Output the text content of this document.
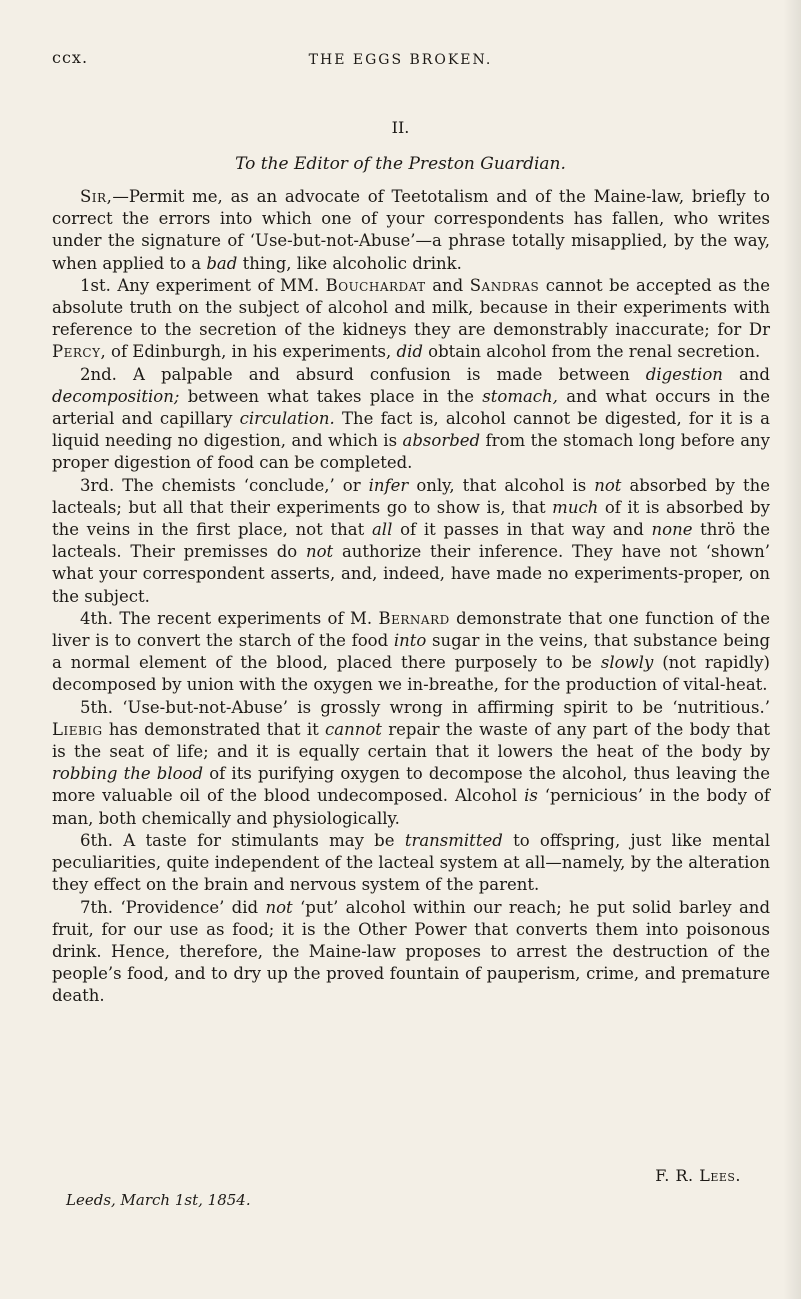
ccx.	THE EGGS BROKEN.
II.
To the Editor of the Preston Guardian.

Sir,—Permit me, as an advocate of Teetotalism and of the Maine-law, briefly to correct the errors into which one of your correspondents has fallen, who writes under the signature of ‘Use-but-not-Abuse’—a phrase totally misapplied, by the way, when applied to a bad thing, like alcoholic drink.

1st. Any experiment of MM. Bouchardat and Sandras cannot be accepted as the absolute truth on the subject of alcohol and milk, because in their experiments with reference to the secretion of the kidneys they are demonstrably inaccurate; for Dr Percy, of Edinburgh, in his experiments, did obtain alcohol from the renal secretion.

2nd. A palpable and absurd confusion is made between digestion and decomposition; between what takes place in the stomach, and what occurs in the arterial and capillary circulation. The fact is, alcohol cannot be digested, for it is a liquid needing no digestion, and which is absorbed from the stomach long before any proper digestion of food can be completed.

3rd. The chemists ‘conclude,’ or infer only, that alcohol is not absorbed by the lacteals; but all that their experiments go to show is, that much of it is absorbed by the veins in the first place, not that all of it passes in that way and none thrö the lacteals. Their premisses do not authorize their inference. They have not ‘shown’ what your correspondent asserts, and, indeed, have made no experiments-proper, on the subject.

4th. The recent experiments of M. Bernard demonstrate that one function of the liver is to convert the starch of the food into sugar in the veins, that substance being a normal element of the blood, placed there purposely to be slowly (not rapidly) decomposed by union with the oxygen we in-breathe, for the production of vital-heat.

5th. ‘Use-but-not-Abuse’ is grossly wrong in affirming spirit to be ‘nutritious.’ Liebig has demonstrated that it cannot repair the waste of any part of the body that is the seat of life; and it is equally certain that it lowers the heat of the body by robbing the blood of its purifying oxygen to decompose the alcohol, thus leaving the more valuable oil of the blood undecomposed. Alcohol is ‘pernicious’ in the body of man, both chemically and physiologically.

6th. A taste for stimulants may be transmitted to offspring, just like mental peculiarities, quite independent of the lacteal system at all—namely, by the alteration they effect on the brain and nervous system of the parent.

7th. ‘Providence’ did not ‘put’ alcohol within our reach; he put solid barley and fruit, for our use as food; it is the Other Power that converts them into poisonous drink. Hence, therefore, the Maine-law proposes to arrest the destruction of the people’s food, and to dry up the proved fountain of pauperism, crime, and premature death.

F. R. Lees.
Leeds, March 1st, 1854.
